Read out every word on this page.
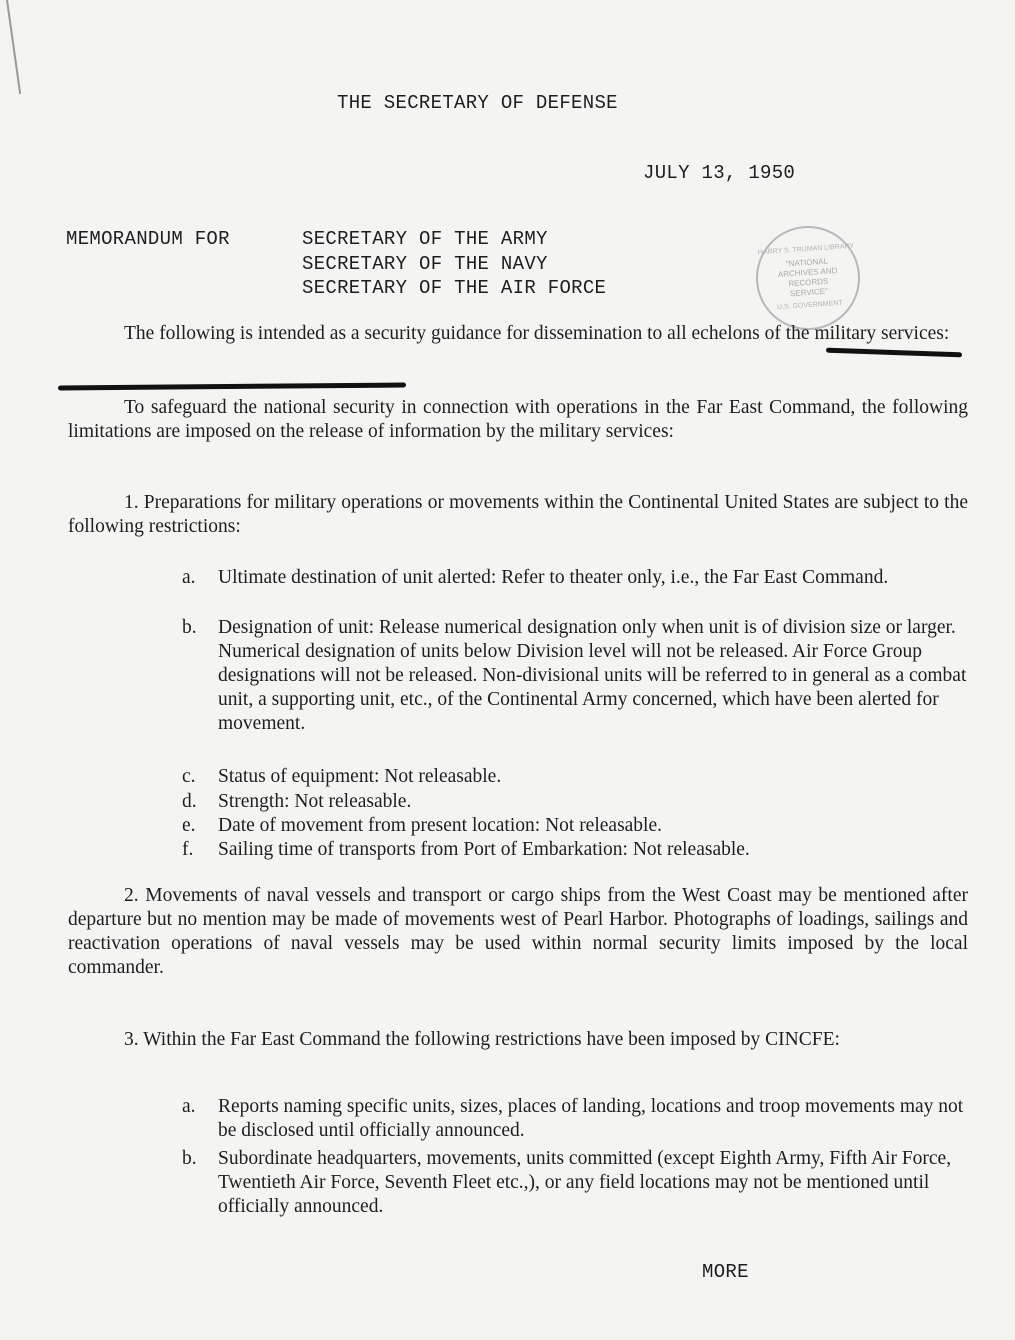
THE SECRETARY OF DEFENSE
JULY 13, 1950
MEMORANDUM FOR	SECRETARY OF THE ARMY
SECRETARY OF THE NAVY
SECRETARY OF THE AIR FORCE
HARRY S. TRUMAN LIBRARY
"NATIONAL ARCHIVES AND RECORDS SERVICE"
U.S. GOVERNMENT
The following is intended as a security guidance for dissemination to all echelons of the military services:
To safeguard the national security in connection with operations in the Far East Command, the following limitations are imposed on the release of information by the military services:
1. Preparations for military operations or movements within the Continental United States are subject to the following restrictions:
a.	Ultimate destination of unit alerted: Refer to theater only, i.e., the Far East Command.
b.	Designation of unit: Release numerical designation only when unit is of division size or larger. Numerical designation of units below Division level will not be released. Air Force Group designations will not be released. Non-divisional units will be referred to in general as a combat unit, a supporting unit, etc., of the Continental Army concerned, which have been alerted for movement.
c.	Status of equipment: Not releasable.
d.	Strength: Not releasable.
e.	Date of movement from present location: Not releasable.
f.	Sailing time of transports from Port of Embarkation: Not releasable.
2. Movements of naval vessels and transport or cargo ships from the West Coast may be mentioned after departure but no mention may be made of movements west of Pearl Harbor. Photographs of loadings, sailings and reactivation operations of naval vessels may be used within normal security limits imposed by the local commander.
3. Within the Far East Command the following restrictions have been imposed by CINCFE:
a.	Reports naming specific units, sizes, places of landing, locations and troop movements may not be disclosed until officially announced.
b.	Subordinate headquarters, movements, units committed (except Eighth Army, Fifth Air Force, Twentieth Air Force, Seventh Fleet etc.,), or any field locations may not be mentioned until officially announced.
MORE
